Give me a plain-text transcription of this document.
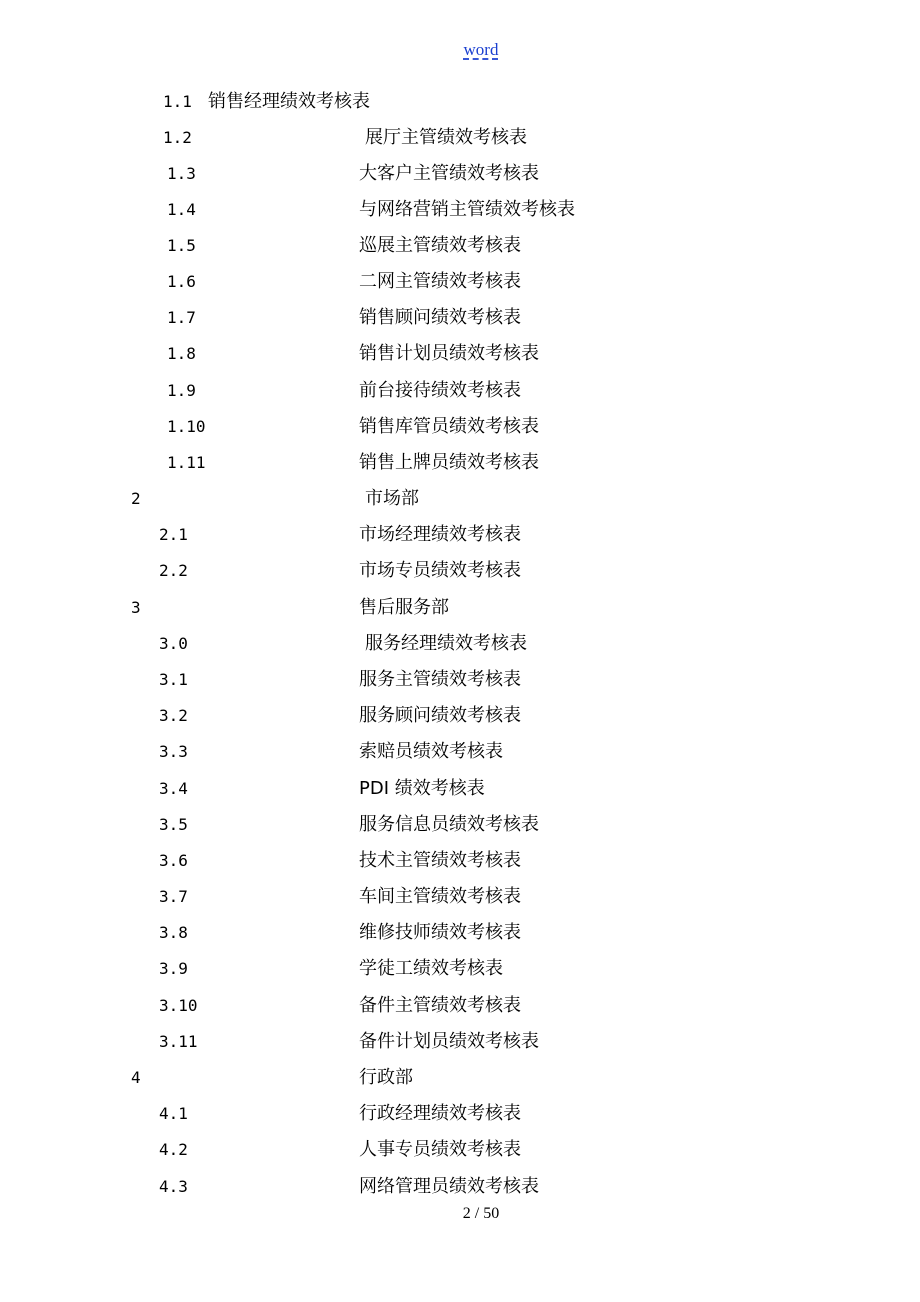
word
1.1 销售经理绩效考核表
1.2	展厅主管绩效考核表
1.3	大客户主管绩效考核表
1.4	与网络营销主管绩效考核表
1.5	巡展主管绩效考核表
1.6	二网主管绩效考核表
1.7	销售顾问绩效考核表
1.8	销售计划员绩效考核表
1.9	前台接待绩效考核表
1.10	销售库管员绩效考核表
1.11	销售上牌员绩效考核表
2	市场部
2.1	市场经理绩效考核表
2.2	市场专员绩效考核表
3	售后服务部
3.0	服务经理绩效考核表
3.1	服务主管绩效考核表
3.2	服务顾问绩效考核表
3.3	索赔员绩效考核表
3.4	PDI 绩效考核表
3.5	服务信息员绩效考核表
3.6	技术主管绩效考核表
3.7	车间主管绩效考核表
3.8	维修技师绩效考核表
3.9	学徒工绩效考核表
3.10	备件主管绩效考核表
3.11	备件计划员绩效考核表
4	行政部
4.1	行政经理绩效考核表
4.2	人事专员绩效考核表
4.3	网络管理员绩效考核表
2 / 50
